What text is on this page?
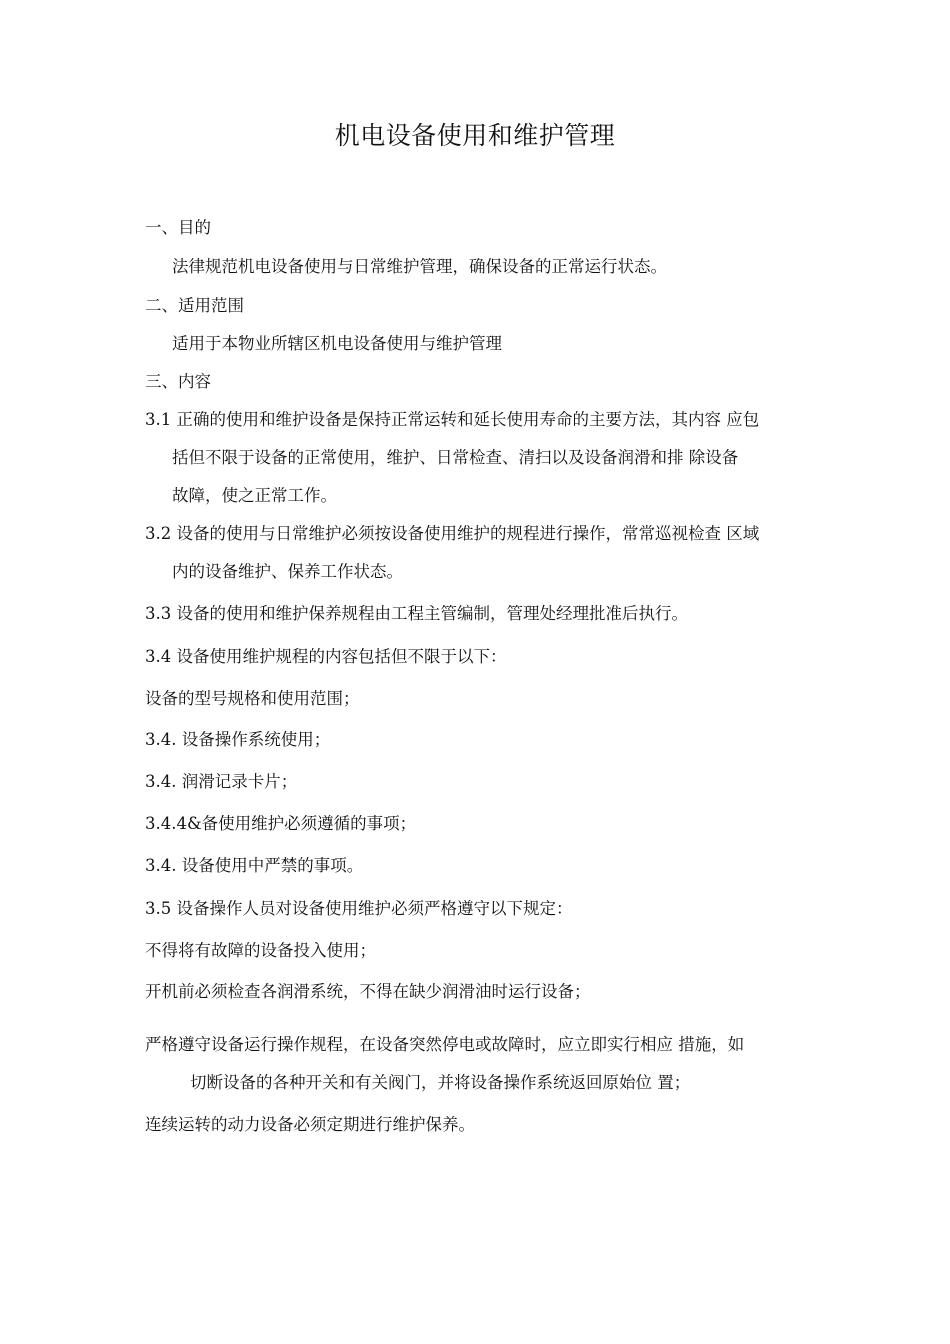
机电设备使用和维护管理

一、目的

法律规范机电设备使用与日常维护管理，确保设备的正常运行状态。

二、适用范围

适用于本物业所辖区机电设备使用与维护管理

三、内容

3.1 正确的使用和维护设备是保持正常运转和延长使用寿命的主要方法，其内容 应包

括但不限于设备的正常使用，维护、日常检查、清扫以及设备润滑和排 除设备

故障，使之正常工作。

3.2 设备的使用与日常维护必须按设备使用维护的规程进行操作，常常巡视检查 区域

内的设备维护、保养工作状态。

3.3 设备的使用和维护保养规程由工程主管编制，管理处经理批准后执行。

3.4 设备使用维护规程的内容包括但不限于以下：

设备的型号规格和使用范围；

3.4. 设备操作系统使用；

3.4. 润滑记录卡片；

3.4.4&备使用维护必须遵循的事项；

3.4. 设备使用中严禁的事项。

3.5 设备操作人员对设备使用维护必须严格遵守以下规定：

不得将有故障的设备投入使用；

开机前必须检查各润滑系统，不得在缺少润滑油时运行设备；

严格遵守设备运行操作规程，在设备突然停电或故障时，应立即实行相应 措施，如

切断设备的各种开关和有关阀门，并将设备操作系统返回原始位 置；

连续运转的动力设备必须定期进行维护保养。
